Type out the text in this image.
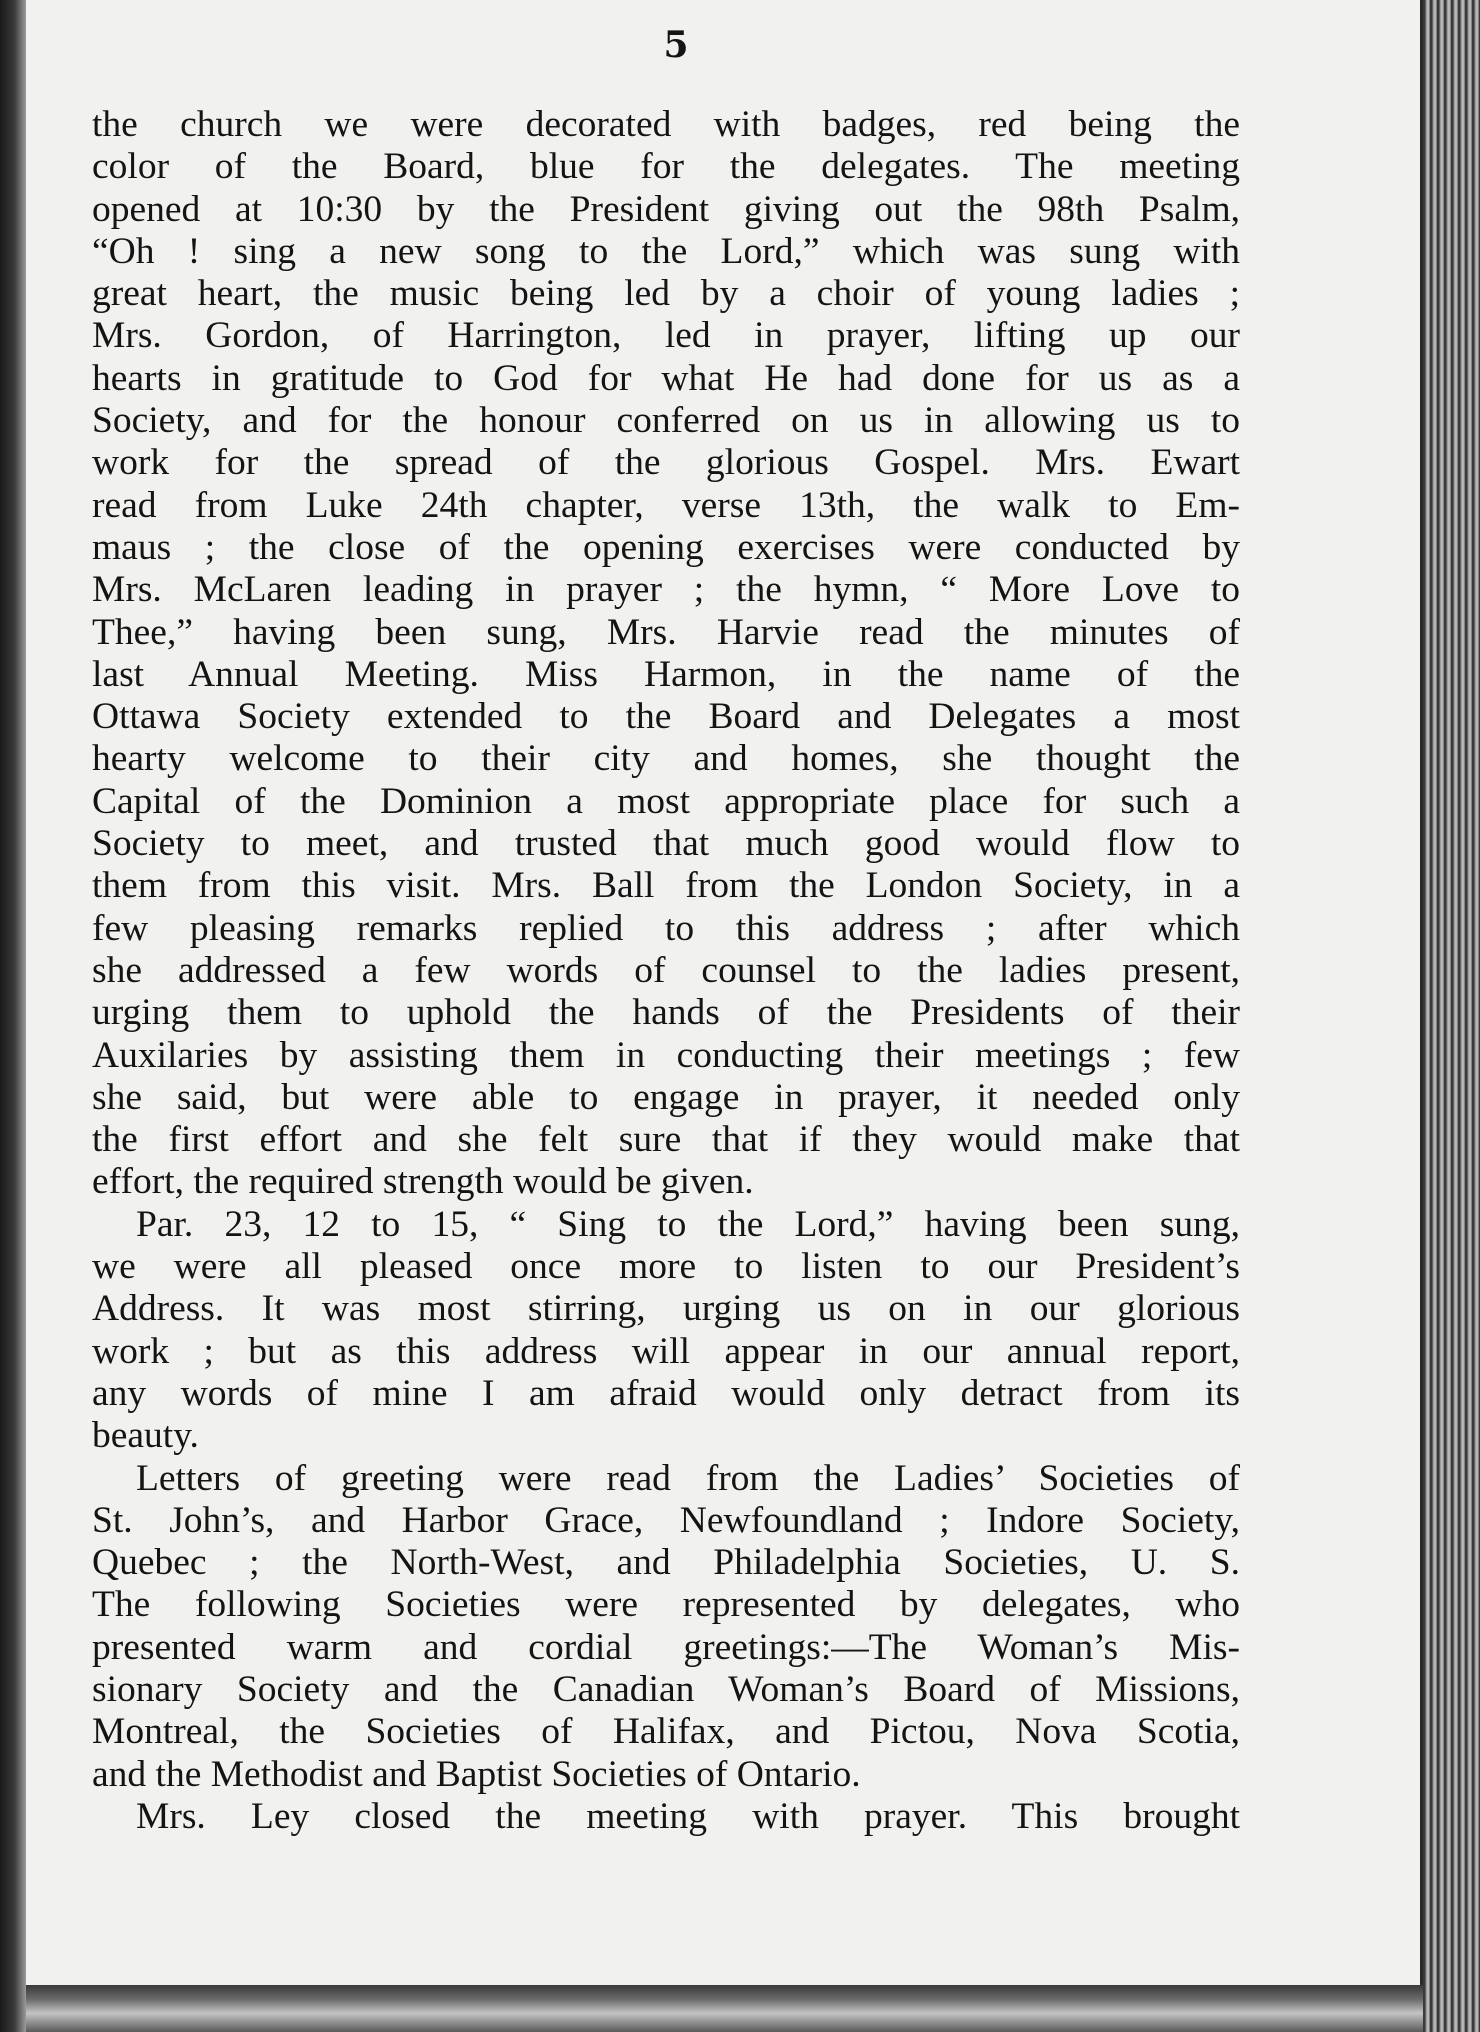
5
the church we were decorated with badges, red being the
color of the Board, blue for the delegates. The meeting
opened at 10:30 by the President giving out the 98th Psalm,
“Oh ! sing a new song to the Lord,” which was sung with
great heart, the music being led by a choir of young ladies ;
Mrs. Gordon, of Harrington, led in prayer, lifting up our
hearts in gratitude to God for what He had done for us as a
Society, and for the honour conferred on us in allowing us to
work for the spread of the glorious Gospel. Mrs. Ewart
read from Luke 24th chapter, verse 13th, the walk to Em-
maus ; the close of the opening exercises were conducted by
Mrs. McLaren leading in prayer ; the hymn, “ More Love to
Thee,” having been sung, Mrs. Harvie read the minutes of
last Annual Meeting. Miss Harmon, in the name of the
Ottawa Society extended to the Board and Delegates a most
hearty welcome to their city and homes, she thought the
Capital of the Dominion a most appropriate place for such a
Society to meet, and trusted that much good would flow to
them from this visit. Mrs. Ball from the London Society, in a
few pleasing remarks replied to this address ; after which
she addressed a few words of counsel to the ladies present,
urging them to uphold the hands of the Presidents of their
Auxilaries by assisting them in conducting their meetings ; few
she said, but were able to engage in prayer, it needed only
the first effort and she felt sure that if they would make that
effort, the required strength would be given.
Par. 23, 12 to 15, “ Sing to the Lord,” having been sung,
we were all pleased once more to listen to our President’s
Address. It was most stirring, urging us on in our glorious
work ; but as this address will appear in our annual report,
any words of mine I am afraid would only detract from its
beauty.
Letters of greeting were read from the Ladies’ Societies of
St. John’s, and Harbor Grace, Newfoundland ; Indore Society,
Quebec ; the North-West, and Philadelphia Societies, U. S.
The following Societies were represented by delegates, who
presented warm and cordial greetings:—The Woman’s Mis-
sionary Society and the Canadian Woman’s Board of Missions,
Montreal, the Societies of Halifax, and Pictou, Nova Scotia,
and the Methodist and Baptist Societies of Ontario.
Mrs. Ley closed the meeting with prayer. This brought
